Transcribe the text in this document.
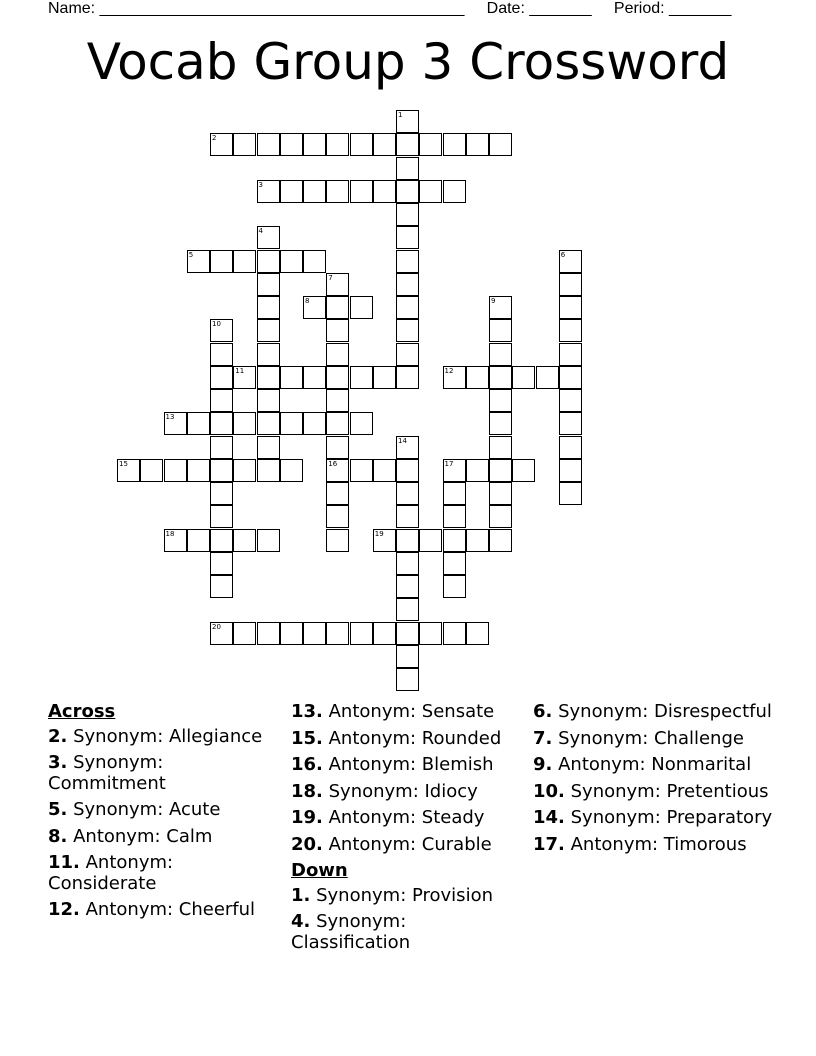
Name: _________________________________________ Date: _______ Period: _______
Vocab Group 3 Crossword
1
2
3
4
5	6
7
16
8	9
10
11	12
13
14
15	17
18	19
20
Across
2. Synonym: Allegiance
3. Synonym: Commitment
5. Synonym: Acute
8. Antonym: Calm
11. Antonym: Considerate
12. Antonym: Cheerful
13. Antonym: Sensate
15. Antonym: Rounded
16. Antonym: Blemish
18. Synonym: Idiocy
19. Antonym: Steady
20. Antonym: Curable
Down
1. Synonym: Provision
4. Synonym: Classification
6. Synonym: Disrespectful
7. Synonym: Challenge
9. Antonym: Nonmarital
10. Synonym: Pretentious
14. Synonym: Preparatory
17. Antonym: Timorous
